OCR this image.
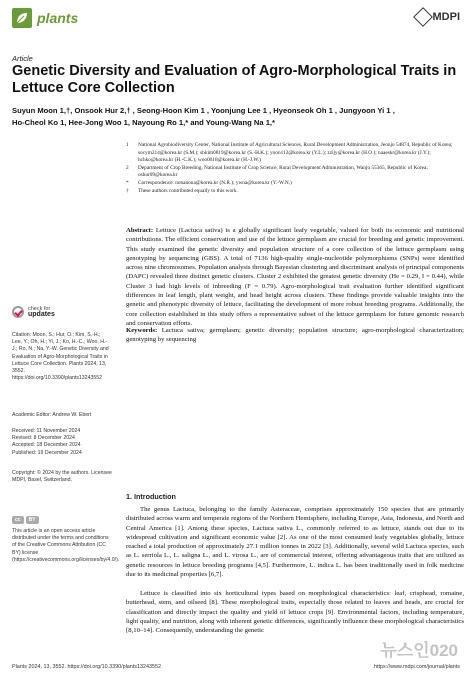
plants	MDPI
Article
Genetic Diversity and Evaluation of Agro-Morphological Traits in Lettuce Core Collection
Suyun Moon 1,†, Onsook Hur 2,† , Seong-Hoon Kim 1 , Yoonjung Lee 1 , Hyeonseok Oh 1 , Jungyoon Yi 1 ,
Ho-Cheol Ko 1, Hee-Jong Woo 1, Nayoung Ro 1,* and Young-Wang Na 1,*
1	National Agrobiodiversity Center, National Institute of Agricultural Sciences, Rural Development Administration, Jeonju 54874, Republic of Korea; socym214@korea.kr (S.M.); shkim0819@korea.kr (S.-H.K.); yoon112@korea.kr (Y.L.); zzijy@korea.kr (H.O.); naaeskr@korea.kr (J.Y.); hchko@korea.kr (H.-C.K.); woo0018@korea.kr (H.-J.W.)
2	Department of Crop Breeding, National Institute of Crop Science, Rural Development Administration, Wanju 55365, Republic of Korea; oshur09@korea.kr
*	Correspondence: nonanona@korea.kr (N.R.); ywna@korea.kr (Y.-W.N.)
†	These authors contributed equally to this work.
check for
updates
Citation: Moon, S.; Hur, O.; Kim, S.-H.; Lee, Y.; Oh, H.; Yi, J.; Ko, H.-C.; Woo, H.-J.; Ro, N.; Na, Y.-W. Genetic Diversity and Evaluation of Agro-Morphological Traits in Lettuce Core Collection. Plants 2024, 13, 3552. https://doi.org/10.3390/plants13243552
Academic Editor: Andrew W. Ebert
Received: 11 November 2024
Revised: 8 December 2024
Accepted: 18 December 2024
Published: 19 December 2024
Copyright: © 2024 by the authors. Licensee MDPI, Basel, Switzerland.
cc	BY
This article is an open access article distributed under the terms and conditions of the Creative Commons Attribution (CC BY) license (https://creativecommons.org/licenses/by/4.0/).
Abstract: Lettuce (Lactuca sativa) is a globally significant leafy vegetable, valued for both its economic and nutritional contributions. The efficient conservation and use of the lettuce germplasm are crucial for breeding and genetic improvement. This study examined the genetic diversity and population structure of a core collection of the lettuce germplasm using genotyping by sequencing (GBS). A total of 7136 high-quality single-nucleotide polymorphisms (SNPs) were identified across nine chromosomes. Population analysis through Bayesian clustering and discriminant analysis of principal components (DAPC) revealed three distinct genetic clusters. Cluster 2 exhibited the greatest genetic diversity (He = 0.29, I = 0.44), while Cluster 3 had high levels of inbreeding (F = 0.79). Agro-morphological trait evaluation further identified significant differences in leaf length, plant weight, and head height across clusters. These findings provide valuable insights into the genetic and phenotypic diversity of lettuce, facilitating the development of more robust breeding programs. Additionally, the core collection established in this study offers a representative subset of the lettuce germplasm for future genomic research and conservation efforts.
Keywords: Lactuca sativa; germplasm; genetic diversity; population structure; agro-morphological characterization; genotyping by sequencing
1. Introduction
The genus Lactuca, belonging to the family Asteraceae, comprises approximately 150 species that are primarily distributed across warm and temperate regions of the Northern Hemisphere, including Europe, Asia, Indonesia, and North and Central America [1]. Among these species, Lactuca sativa L., commonly referred to as lettuce, stands out due to its widespread cultivation and significant economic value [2]. As one of the most consumed leafy vegetables globally, lettuce reached a total production of approximately 27.1 million tonnes in 2022 [3]. Additionally, several wild Lactuca species, such as L. serriola L., L. saligna L., and L. virosa L., are of commercial interest, offering advantageous traits that are utilized as genetic resources in lettuce breeding programs [4,5]. Furthermore, L. indica L. has been traditionally used in folk medicine due to its medicinal properties [6,7].
Lettuce is classified into six horticultural types based on morphological characteristics: leaf, crisphead, romaine, butterhead, stem, and oilseed [8]. These morphological traits, especially those related to leaves and heads, are crucial for classification and directly impact the quality and yield of lettuce crops [9]. Environmental factors, including temperature, light quality, and nutrition, along with inherent genetic differences, significantly influence these morphological characteristics [8,10–14]. Consequently, understanding the genetic
뉴스인020
Plants 2024, 13, 3552. https://doi.org/10.3390/plants13243552	https://www.mdpi.com/journal/plants
